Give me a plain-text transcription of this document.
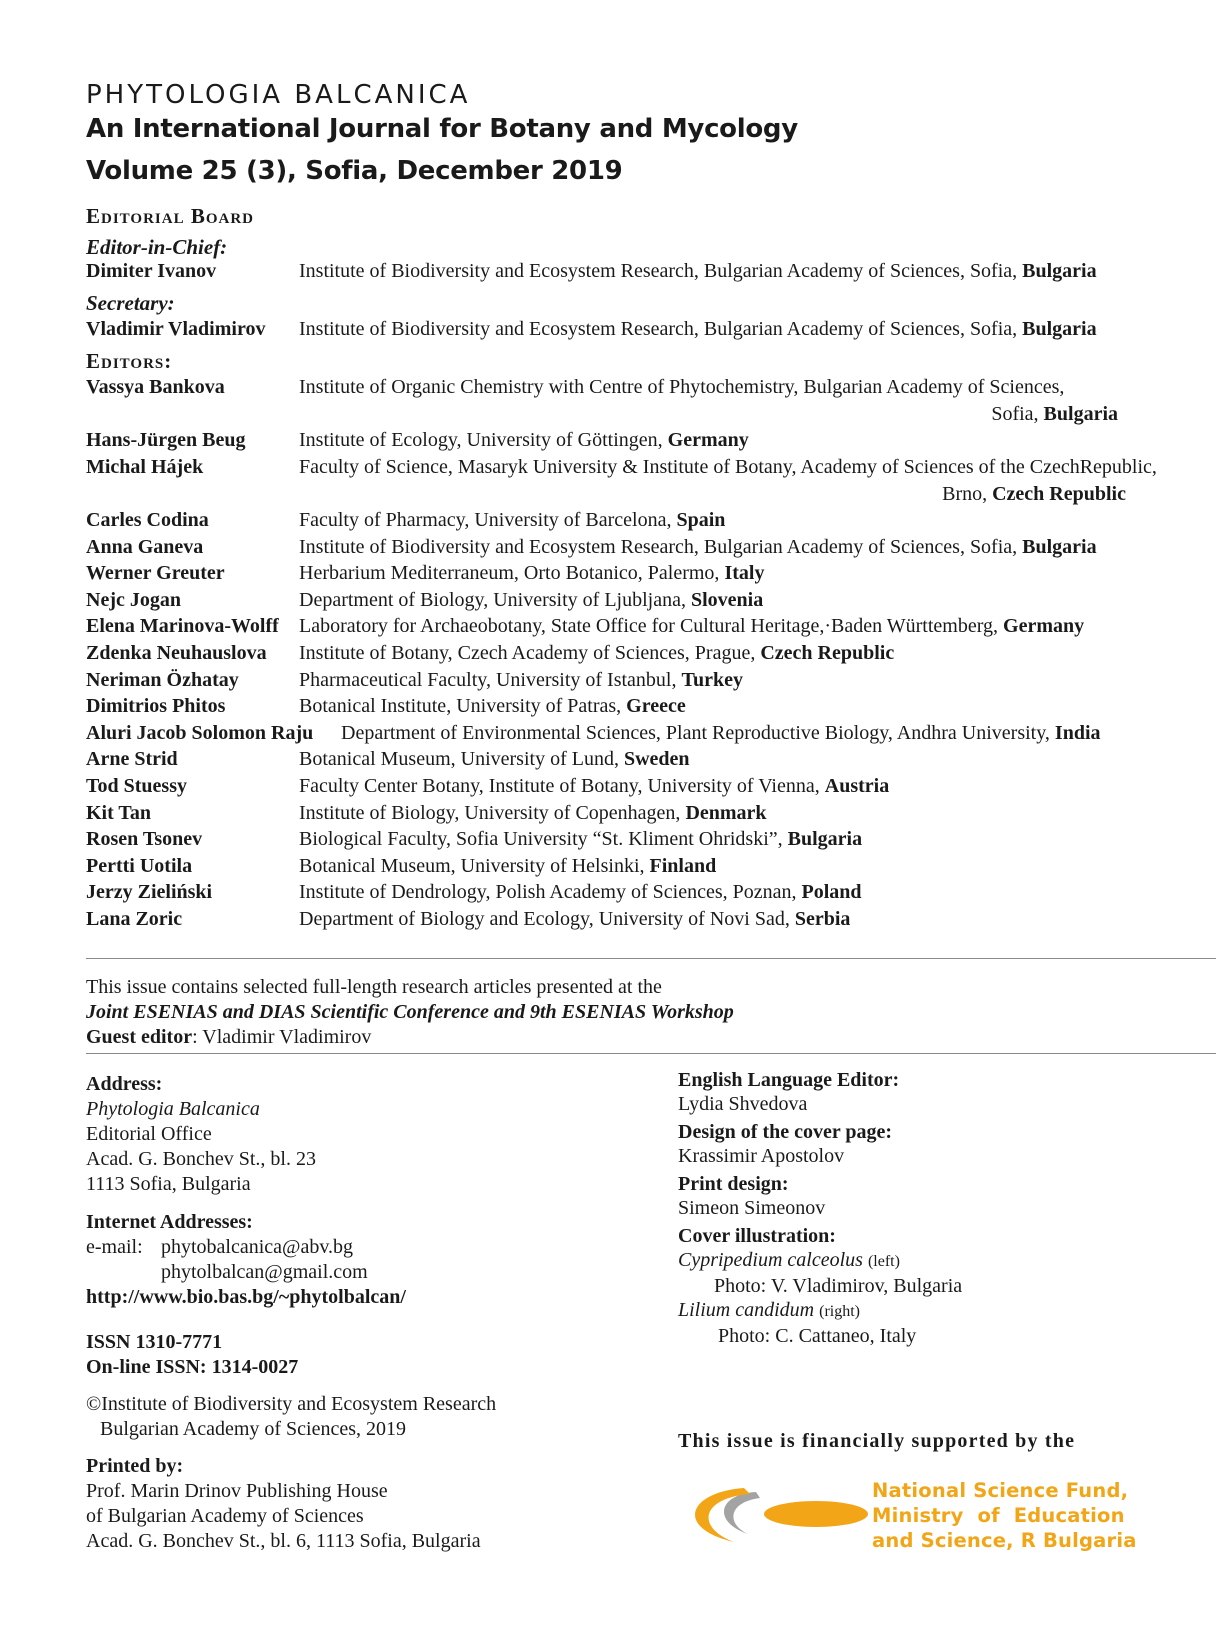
PHYTOLOGIA BALCANICA
An International Journal for Botany and Mycology
Volume 25 (3), Sofia, December 2019
Editorial Board
Editor-in-Chief:
Dimiter Ivanov	Institute of Biodiversity and Ecosystem Research, Bulgarian Academy of Sciences, Sofia, Bulgaria
Secretary:
Vladimir Vladimirov Institute of Biodiversity and Ecosystem Research, Bulgarian Academy of Sciences, Sofia, Bulgaria
Editors:
Vassya Bankova	Institute of Organic Chemistry with Centre of Phytochemistry, Bulgarian Academy of Sciences,
Sofia, Bulgaria
Hans-Jürgen Beug	Institute of Ecology, University of Göttingen, Germany
Michal Hájek	Faculty of Science, Masaryk University & Institute of Botany, Academy of Sciences of the CzechRepublic,
Brno, Czech Republic
Carles Codina	Faculty of Pharmacy, University of Barcelona, Spain
Anna Ganeva	Institute of Biodiversity and Ecosystem Research, Bulgarian Academy of Sciences, Sofia, Bulgaria
Werner Greuter	Herbarium Mediterraneum, Orto Botanico, Palermo, Italy
Nejc Jogan	Department of Biology, University of Ljubljana, Slovenia
Elena Marinova-Wolff Laboratory for Archaeobotany, State Office for Cultural Heritage,·Baden Württemberg, Germany
Zdenka Neuhauslova Institute of Botany, Czech Academy of Sciences, Prague, Czech Republic
Neriman Özhatay	Pharmaceutical Faculty, University of Istanbul, Turkey
Dimitrios Phitos	Botanical Institute, University of Patras, Greece
Aluri Jacob Solomon Raju Department of Environmental Sciences, Plant Reproductive Biology, Andhra University, India
Arne Strid	Botanical Museum, University of Lund, Sweden
Tod Stuessy	Faculty Center Botany, Institute of Botany, University of Vienna, Austria
Kit Tan	Institute of Biology, University of Copenhagen, Denmark
Rosen Tsonev	Biological Faculty, Sofia University “St. Kliment Ohridski”, Bulgaria
Pertti Uotila	Botanical Museum, University of Helsinki, Finland
Jerzy Zieliński	Institute of Dendrology, Polish Academy of Sciences, Poznan, Poland
Lana Zoric	Department of Biology and Ecology, University of Novi Sad, Serbia
This issue contains selected full-length research articles presented at the
Joint ESENIAS and DIAS Scientific Conference and 9th ESENIAS Workshop
Guest editor: Vladimir Vladimirov
Address:
Phytologia Balcanica
Editorial Office
Acad. G. Bonchev St., bl. 23
1113 Sofia, Bulgaria
Internet Addresses:
e-mail: phytobalcanica@abv.bg
phytolbalcan@gmail.com
http://www.bio.bas.bg/~phytolbalcan/
ISSN 1310-7771
On-line ISSN: 1314-0027
©Institute of Biodiversity and Ecosystem Research
Bulgarian Academy of Sciences, 2019
Printed by:
Prof. Marin Drinov Publishing House
of Bulgarian Academy of Sciences
Acad. G. Bonchev St., bl. 6, 1113 Sofia, Bulgaria
English Language Editor:
Lydia Shvedova
Design of the cover page:
Krassimir Apostolov
Print design:
Simeon Simeonov
Cover illustration:
Cypripedium calceolus (left)
Photo: V. Vladimirov, Bulgaria
Lilium candidum (right)
Photo: C. Cattaneo, Italy
This issue is financially supported by the
National Science Fund,
Ministry  of  Education
and Science, R Bulgaria
